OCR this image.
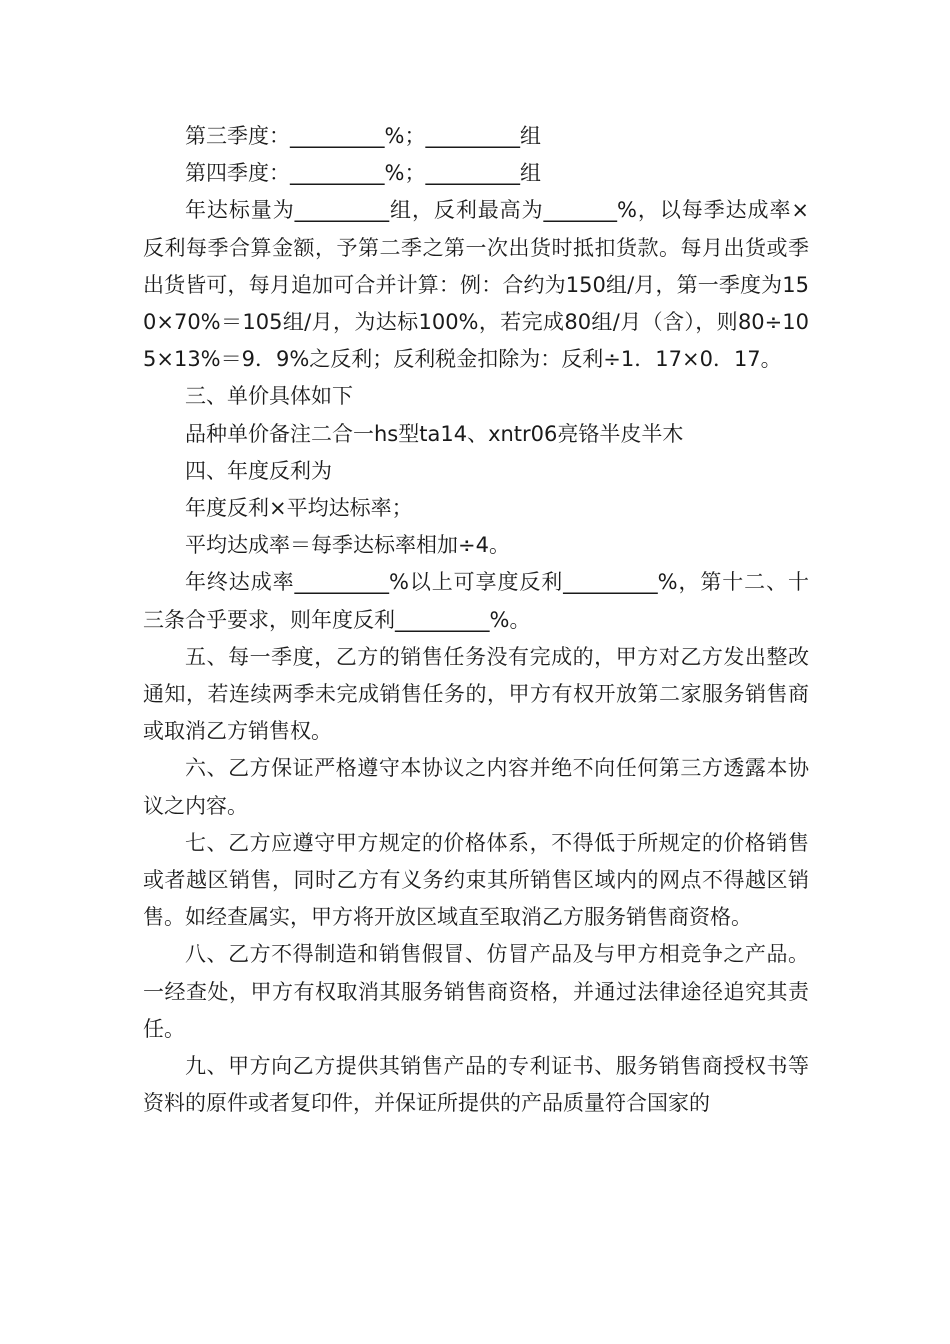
第三季度：_________%；_________组

第四季度：_________%；_________组

年达标量为_________组，反利最高为_______%，以每季达成率×反利每季合算金额，予第二季之第一次出货时抵扣货款。每月出货或季出货皆可，每月追加可合并计算：例：合约为150组/月，第一季度为150×70%＝105组/月，为达标100%，若完成80组/月（含），则80÷105×13%＝9．9%之反利；反利税金扣除为：反利÷1．17×0．17。

三、单价具体如下

品种单价备注二合一hs型ta14、xntr06亮铬半皮半木

四、年度反利为

年度反利×平均达标率；

平均达成率＝每季达标率相加÷4。

年终达成率_________%以上可享度反利_________%，第十二、十三条合乎要求，则年度反利_________%。

五、每一季度，乙方的销售任务没有完成的，甲方对乙方发出整改通知，若连续两季未完成销售任务的，甲方有权开放第二家服务销售商或取消乙方销售权。

六、乙方保证严格遵守本协议之内容并绝不向任何第三方透露本协议之内容。

七、乙方应遵守甲方规定的价格体系，不得低于所规定的价格销售或者越区销售，同时乙方有义务约束其所销售区域内的网点不得越区销售。如经查属实，甲方将开放区域直至取消乙方服务销售商资格。

八、乙方不得制造和销售假冒、仿冒产品及与甲方相竞争之产品。一经查处，甲方有权取消其服务销售商资格，并通过法律途径追究其责任。

九、甲方向乙方提供其销售产品的专利证书、服务销售商授权书等资料的原件或者复印件，并保证所提供的产品质量符合国家的
